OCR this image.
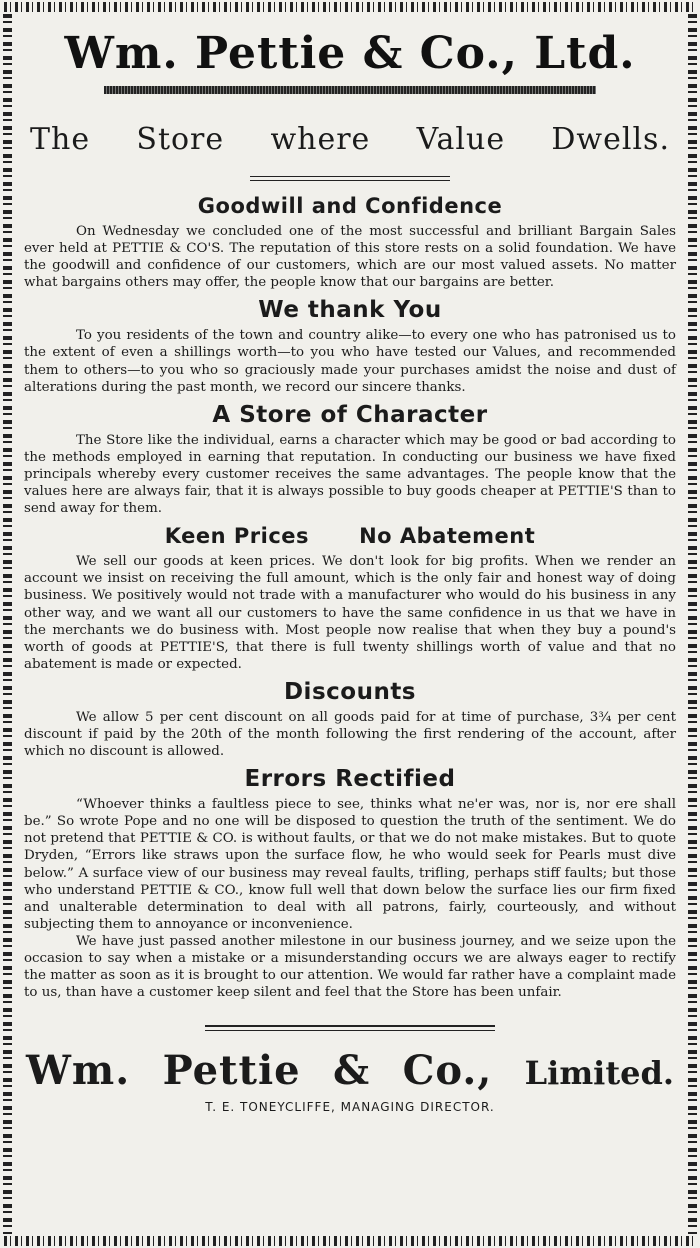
Wm. Pettie & Co., Ltd.
The Store where Value Dwells.
Goodwill and Confidence

On Wednesday we concluded one of the most successful and brilliant Bargain Sales ever held at PETTIE & CO'S. The reputation of this store rests on a solid foundation. We have the goodwill and confidence of our customers, which are our most valued assets. No matter what bargains others may offer, the people know that our bargains are better.

We thank You

To you residents of the town and country alike—to every one who has patronised us to the extent of even a shillings worth—to you who have tested our Values, and recommended them to others—to you who so graciously made your purchases amidst the noise and dust of alterations during the past month, we record our sincere thanks.

A Store of Character

The Store like the individual, earns a character which may be good or bad according to the methods employed in earning that reputation. In conducting our business we have fixed principals whereby every customer receives the same advantages. The people know that the values here are always fair, that it is always possible to buy goods cheaper at PETTIE'S than to send away for them.

Keen Prices No Abatement

We sell our goods at keen prices. We don't look for big profits. When we render an account we insist on receiving the full amount, which is the only fair and honest way of doing business. We positively would not trade with a manufacturer who would do his business in any other way, and we want all our customers to have the same confidence in us that we have in the merchants we do business with. Most people now realise that when they buy a pound's worth of goods at PETTIE'S, that there is full twenty shillings worth of value and that no abatement is made or expected.

Discounts

We allow 5 per cent discount on all goods paid for at time of purchase, 3¾ per cent discount if paid by the 20th of the month following the first rendering of the account, after which no discount is allowed.

Errors Rectified

“Whoever thinks a faultless piece to see, thinks what ne'er was, nor is, nor ere shall be.” So wrote Pope and no one will be disposed to question the truth of the sentiment. We do not pretend that PETTIE & CO. is without faults, or that we do not make mistakes. But to quote Dryden, “Errors like straws upon the surface flow, he who would seek for Pearls must dive below.” A surface view of our business may reveal faults, trifling, perhaps stiff faults; but those who understand PETTIE & CO., know full well that down below the surface lies our firm fixed and unalterable determination to deal with all patrons, fairly, courteously, and without subjecting them to annoyance or inconvenience.

We have just passed another milestone in our business journey, and we seize upon the occasion to say when a mistake or a misunderstanding occurs we are always eager to rectify the matter as soon as it is brought to our attention. We would far rather have a complaint made to us, than have a customer keep silent and feel that the Store has been unfair.

Wm. Pettie & Co., Limited.
T. E. TONEYCLIFFE, MANAGING DIRECTOR.
